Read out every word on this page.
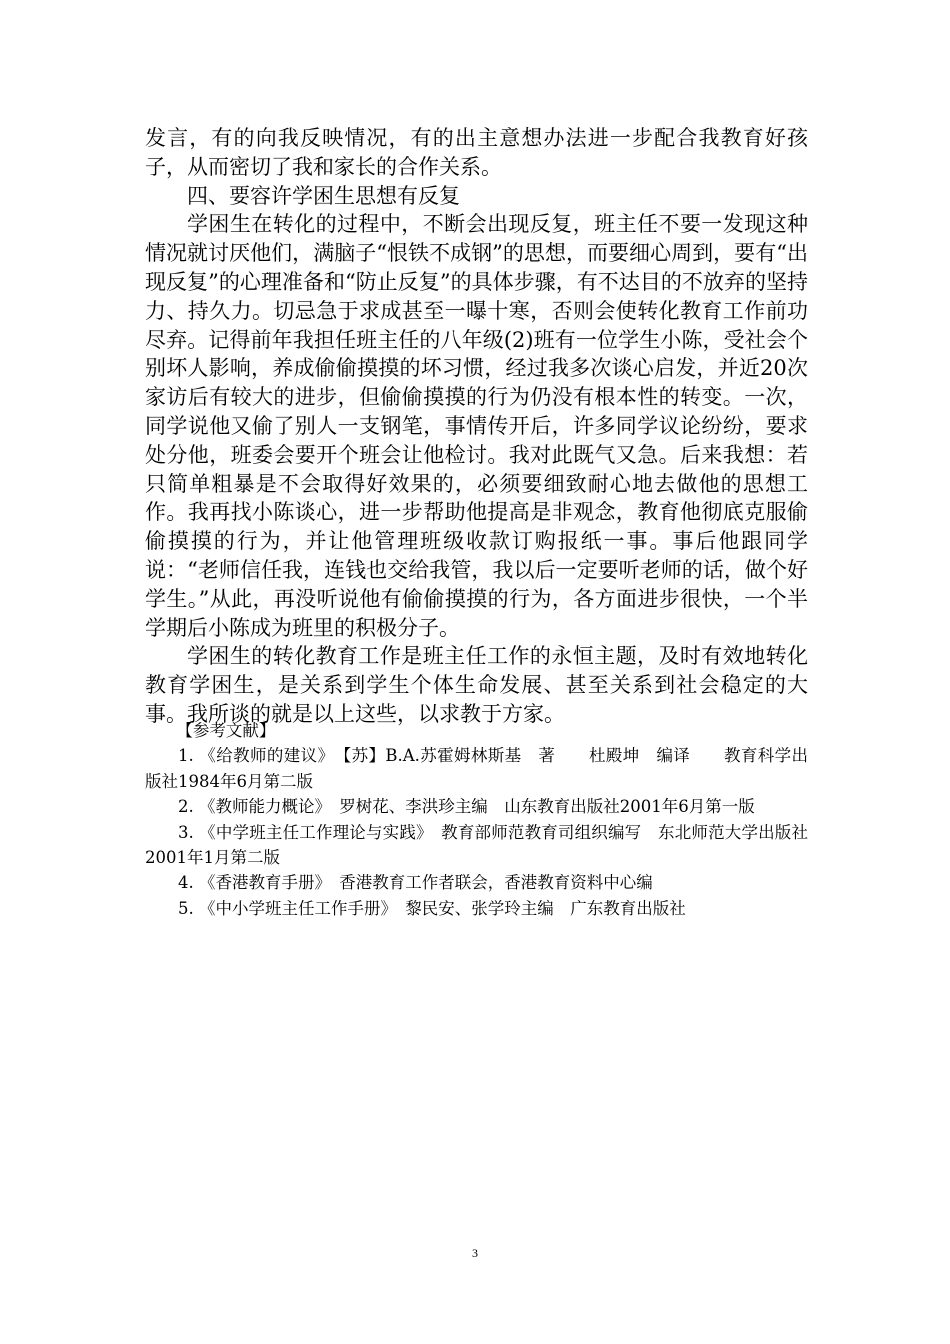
发言，有的向我反映情况，有的出主意想办法进一步配合我教育好孩子，从而密切了我和家长的合作关系。

四、要容许学困生思想有反复

学困生在转化的过程中，不断会出现反复，班主任不要一发现这种情况就讨厌他们，满脑子“恨铁不成钢”的思想，而要细心周到，要有“出现反复”的心理准备和“防止反复”的具体步骤，有不达目的不放弃的坚持力、持久力。切忌急于求成甚至一曝十寒，否则会使转化教育工作前功尽弃。记得前年我担任班主任的八年级(2)班有一位学生小陈，受社会个别坏人影响，养成偷偷摸摸的坏习惯，经过我多次谈心启发，并近20次家访后有较大的进步，但偷偷摸摸的行为仍没有根本性的转变。一次，同学说他又偷了别人一支钢笔，事情传开后，许多同学议论纷纷，要求处分他，班委会要开个班会让他检讨。我对此既气又急。后来我想：若只简单粗暴是不会取得好效果的，必须要细致耐心地去做他的思想工作。我再找小陈谈心，进一步帮助他提高是非观念，教育他彻底克服偷偷摸摸的行为，并让他管理班级收款订购报纸一事。事后他跟同学说：“老师信任我，连钱也交给我管，我以后一定要听老师的话，做个好学生。”从此，再没听说他有偷偷摸摸的行为，各方面进步很快，一个半学期后小陈成为班里的积极分子。

学困生的转化教育工作是班主任工作的永恒主题，及时有效地转化教育学困生，是关系到学生个体生命发展、甚至关系到社会稳定的大事。我所谈的就是以上这些，以求教于方家。

【参考文献】

1. 《给教师的建议》　【苏】B.A.苏霍姆林斯基　著　　杜殿坤　编译　　教育科学出版社1984年6月第二版

2. 《教师能力概论》　罗树花、李洪珍主编　山东教育出版社2001年6月第一版

3. 《中学班主任工作理论与实践》　教育部师范教育司组织编写　东北师范大学出版社2001年1月第二版

4. 《香港教育手册》　香港教育工作者联会，香港教育资料中心编

5. 《中小学班主任工作手册》　黎民安、张学玲主编　广东教育出版社

3
